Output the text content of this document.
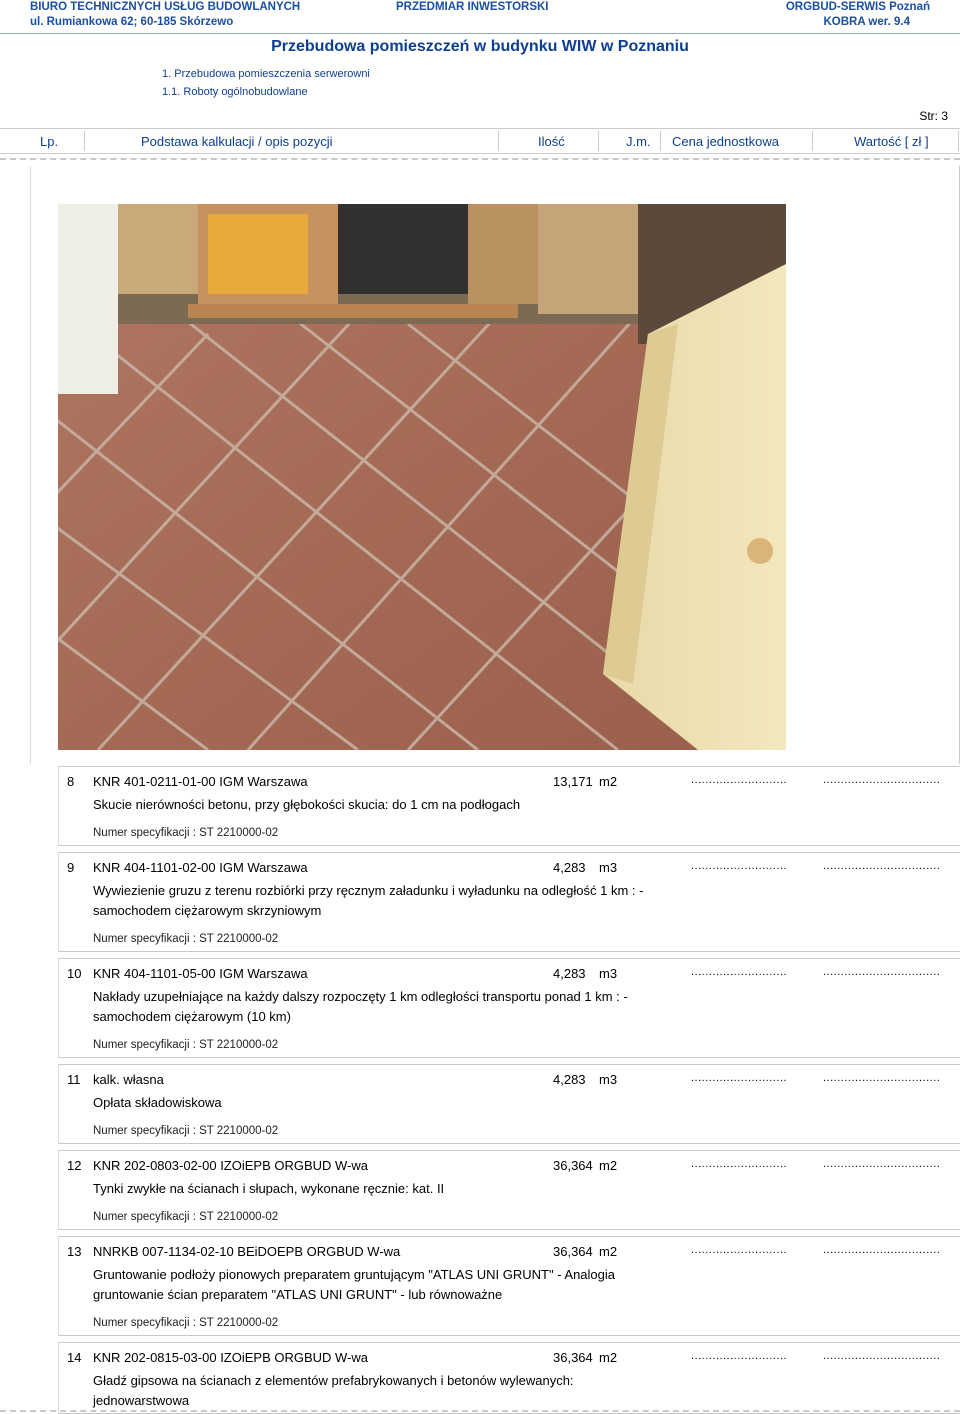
BIURO TECHNICZNYCH USŁUG BUDOWLANYCH
ul. Rumiankowa 62; 60-185 Skórzewo
PRZEDMIAR INWESTORSKI	ORGBUD-SERWIS Poznań
KOBRA wer. 9.4
Przebudowa pomieszczeń w budynku WIW w Poznaniu
1. Przebudowa pomieszczenia serwerowni
1.1. Roboty ogólnobudowlane
Str: 3
Lp.	Podstawa kalkulacji / opis pozycji	Ilość	J.m. Cena jednostkowa	Wartość [ zł ]
8 KNR 401-0211-01-00 IGM Warszawa	13,171 m2	...........................	.................................
Skucie nierówności betonu, przy głębokości skucia: do 1 cm na podłogach
Numer specyfikacji : ST 2210000-02
9 KNR 404-1101-02-00 IGM Warszawa	4,283 m3	...........................	.................................
Wywiezienie gruzu z terenu rozbiórki przy ręcznym załadunku i wyładunku na odległość 1 km : - samochodem ciężarowym skrzyniowym
Numer specyfikacji : ST 2210000-02
10 KNR 404-1101-05-00 IGM Warszawa	4,283 m3	...........................	.................................
Nakłady uzupełniające na każdy dalszy rozpoczęty 1 km odległości transportu ponad 1 km : - samochodem ciężarowym (10 km)
Numer specyfikacji : ST 2210000-02
11 kalk. własna	4,283 m3	...........................	.................................
Opłata składowiskowa
Numer specyfikacji : ST 2210000-02
12 KNR 202-0803-02-00 IZOiEPB ORGBUD W-wa	36,364 m2	...........................	.................................
Tynki zwykłe na ścianach i słupach, wykonane ręcznie: kat. II
Numer specyfikacji : ST 2210000-02
13 NNRKB 007-1134-02-10 BEiDOEPB ORGBUD W-wa	36,364 m2	...........................	.................................
Gruntowanie podłoży pionowych preparatem gruntującym "ATLAS UNI GRUNT" - Analogia gruntowanie ścian preparatem "ATLAS UNI GRUNT" - lub równoważne
Numer specyfikacji : ST 2210000-02
14 KNR 202-0815-03-00 IZOiEPB ORGBUD W-wa	36,364 m2	...........................	.................................
Gładź gipsowa na ścianach z elementów prefabrykowanych i betonów wylewanych: jednowarstwowa
